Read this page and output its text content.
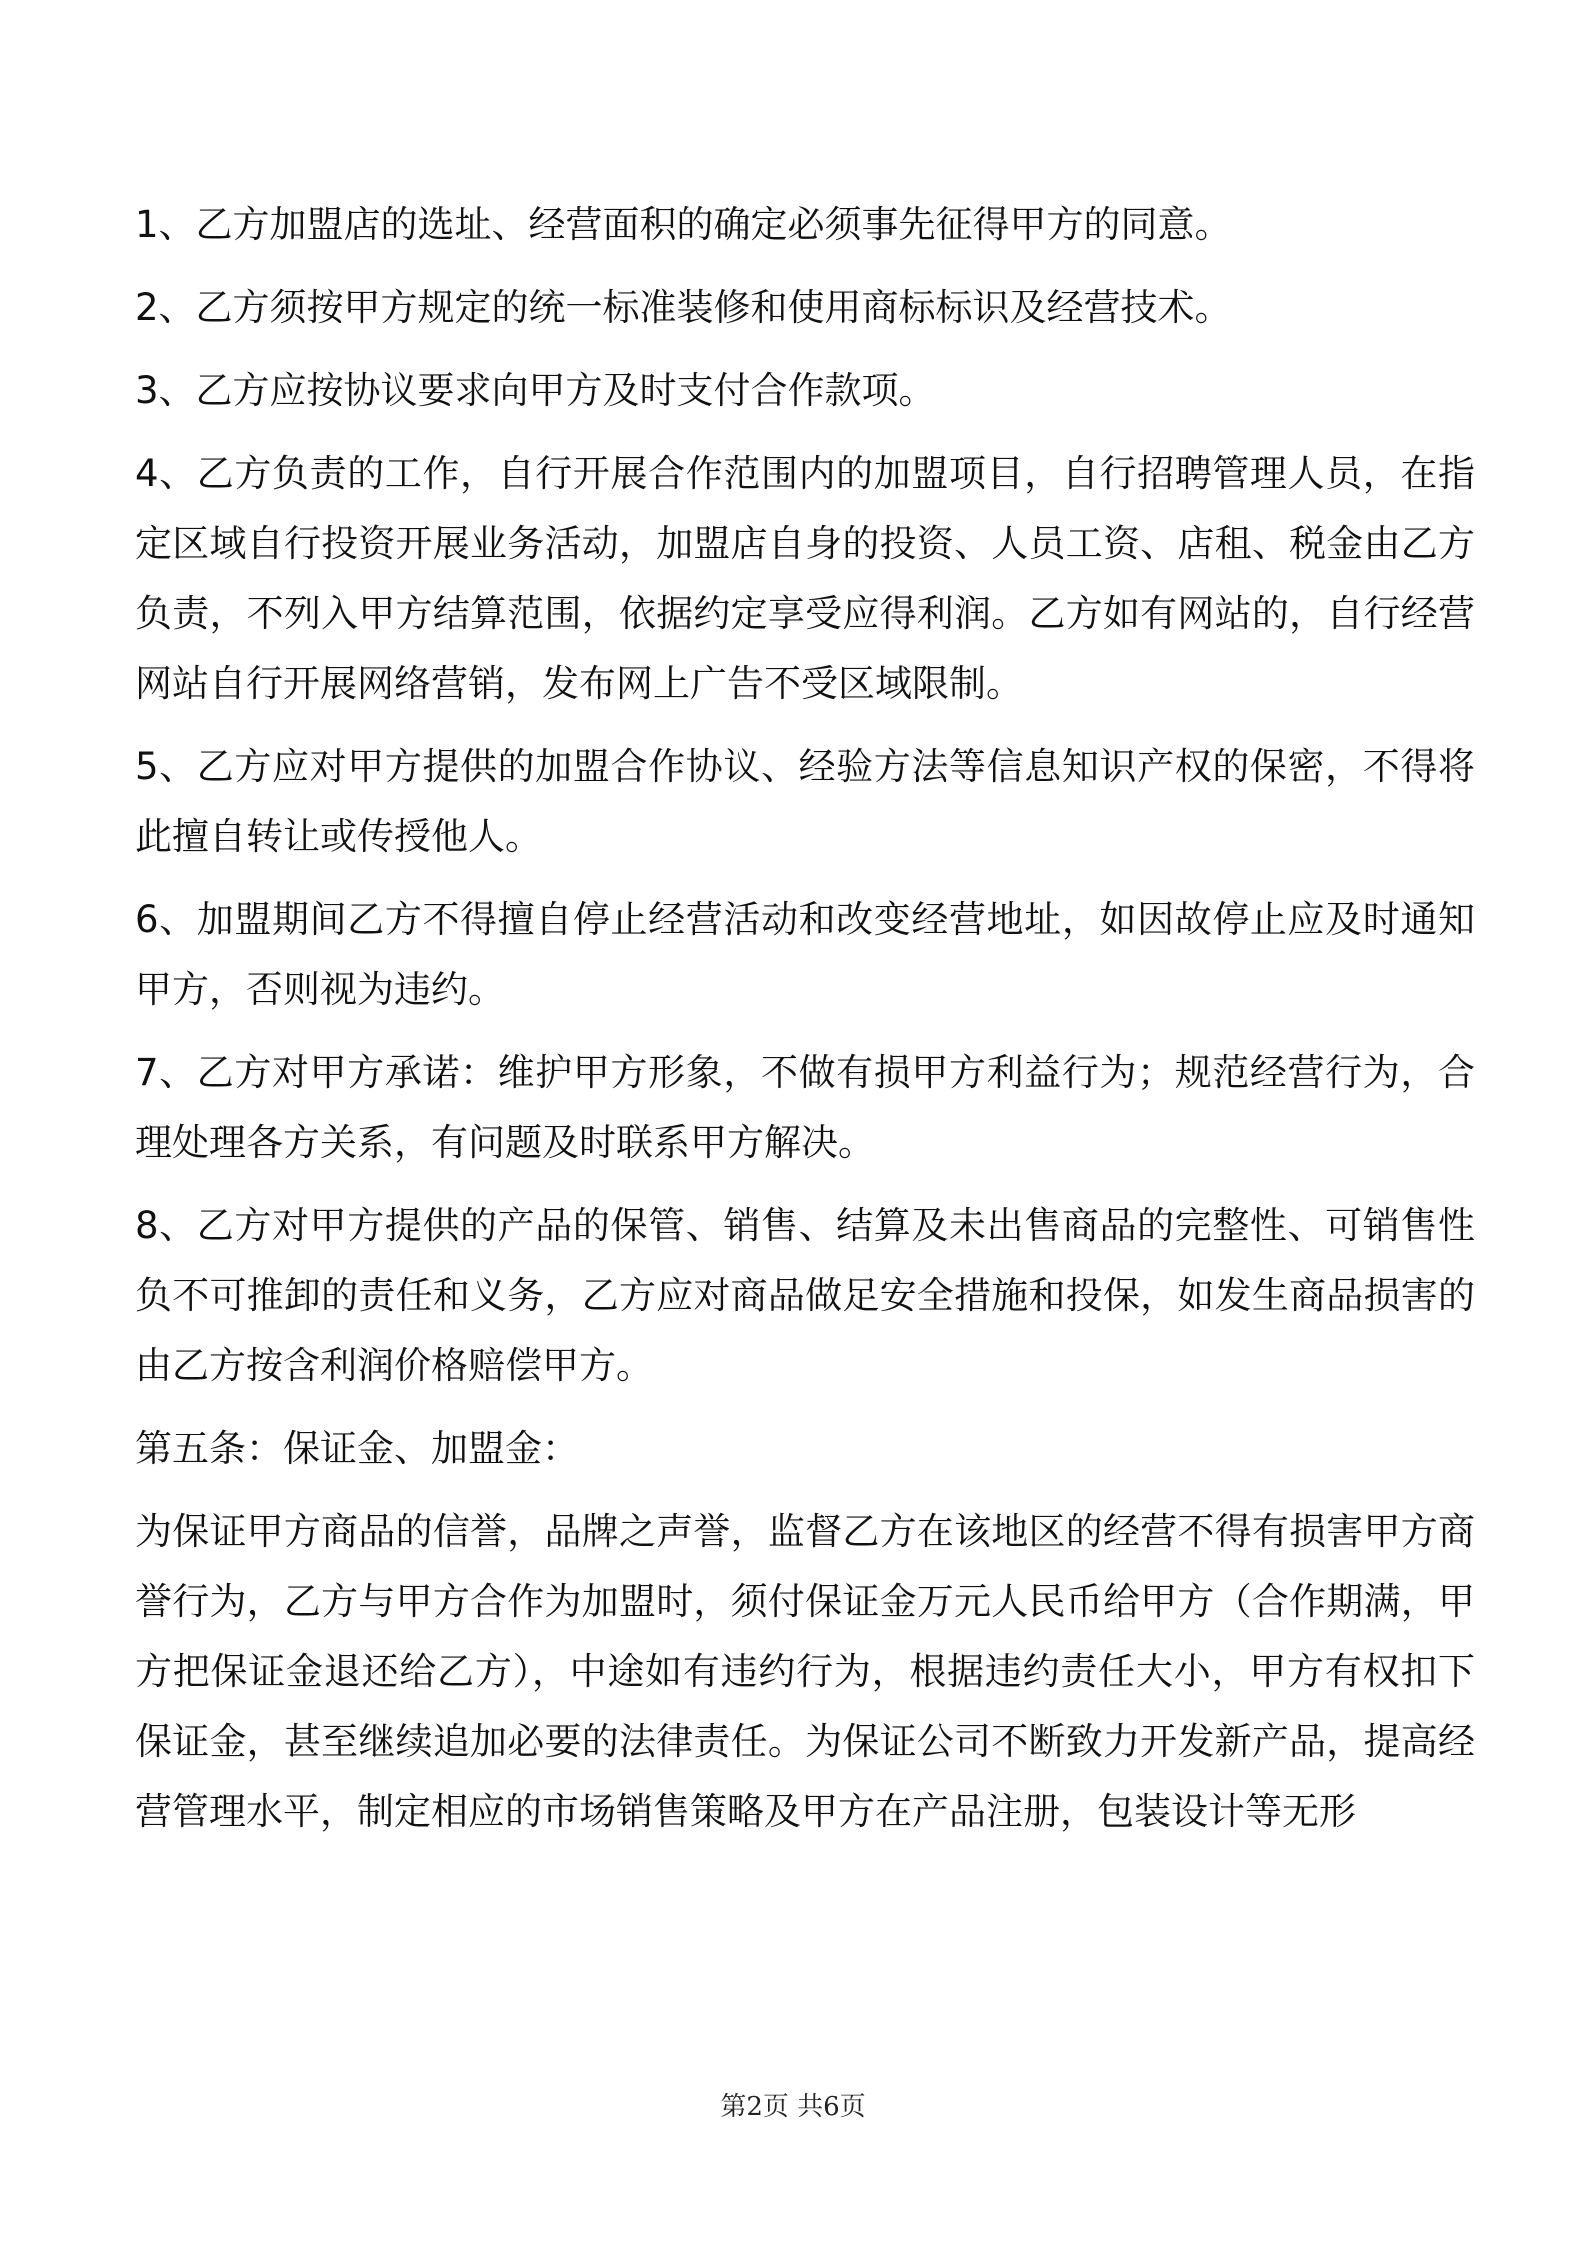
1、乙方加盟店的选址、经营面积的确定必须事先征得甲方的同意。

2、乙方须按甲方规定的统一标准装修和使用商标标识及经营技术。

3、乙方应按协议要求向甲方及时支付合作款项。

4、乙方负责的工作，自行开展合作范围内的加盟项目，自行招聘管理人员，在指定区域自行投资开展业务活动，加盟店自身的投资、人员工资、店租、税金由乙方负责，不列入甲方结算范围，依据约定享受应得利润。乙方如有网站的，自行经营网站自行开展网络营销，发布网上广告不受区域限制。

5、乙方应对甲方提供的加盟合作协议、经验方法等信息知识产权的保密，不得将此擅自转让或传授他人。

6、加盟期间乙方不得擅自停止经营活动和改变经营地址，如因故停止应及时通知甲方，否则视为违约。

7、乙方对甲方承诺：维护甲方形象，不做有损甲方利益行为；规范经营行为，合理处理各方关系，有问题及时联系甲方解决。

8、乙方对甲方提供的产品的保管、销售、结算及未出售商品的完整性、可销售性负不可推卸的责任和义务，乙方应对商品做足安全措施和投保，如发生商品损害的由乙方按含利润价格赔偿甲方。

第五条：保证金、加盟金：

为保证甲方商品的信誉，品牌之声誉，监督乙方在该地区的经营不得有损害甲方商誉行为，乙方与甲方合作为加盟时，须付保证金万元人民币给甲方（合作期满，甲方把保证金退还给乙方），中途如有违约行为，根据违约责任大小，甲方有权扣下保证金，甚至继续追加必要的法律责任。为保证公司不断致力开发新产品，提高经营管理水平，制定相应的市场销售策略及甲方在产品注册，包装设计等无形

第2页 共6页
